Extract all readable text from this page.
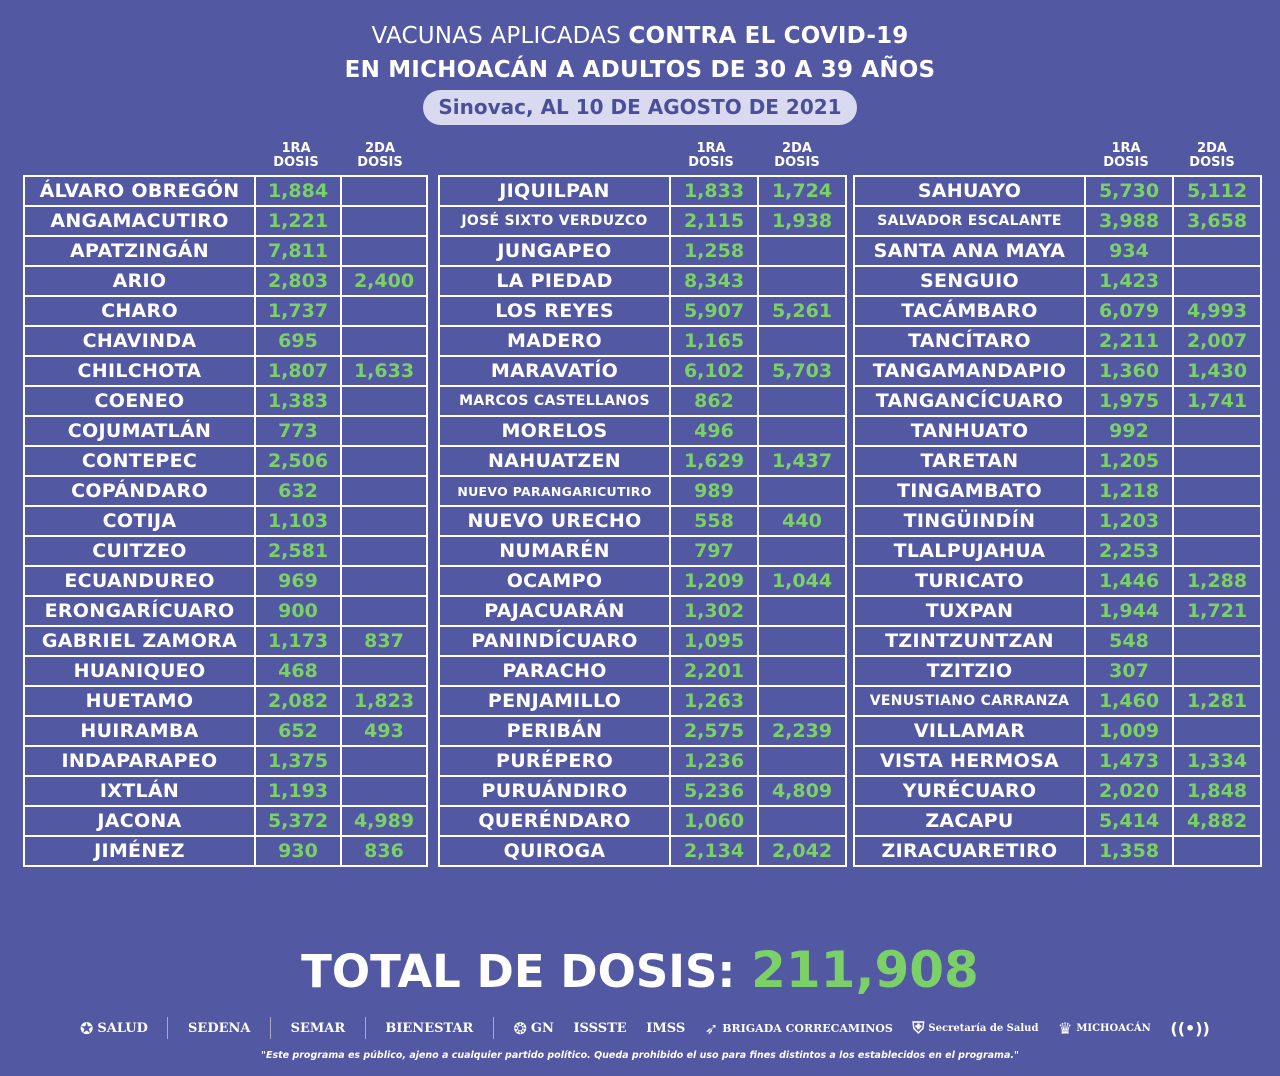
VACUNAS APLICADAS CONTRA EL COVID-19
EN MICHOACÁN A ADULTOS DE 30 A 39 AÑOS
Sinovac, AL 10 DE AGOSTO DE 2021
1RA
DOSIS
2DA
DOSIS
1RA
DOSIS
2DA
DOSIS
1RA
DOSIS
2DA
DOSIS
ÁLVARO OBREGÓN	1,884	
ANGAMACUTIRO	1,221	
APATZINGÁN	7,811	
ARIO	2,803	2,400
CHARO	1,737	
CHAVINDA	695	
CHILCHOTA	1,807	1,633
COENEO	1,383	
COJUMATLÁN	773	
CONTEPEC	2,506	
COPÁNDARO	632	
COTIJA	1,103	
CUITZEO	2,581	
ECUANDUREO	969	
ERONGARÍCUARO	900	
GABRIEL ZAMORA	1,173	837
HUANIQUEO	468	
HUETAMO	2,082	1,823
HUIRAMBA	652	493
INDAPARAPEO	1,375	
IXTLÁN	1,193	
JACONA	5,372	4,989
JIMÉNEZ	930	836
JIQUILPAN	1,833	1,724
JOSÉ SIXTO VERDUZCO	2,115	1,938
JUNGAPEO	1,258	
LA PIEDAD	8,343	
LOS REYES	5,907	5,261
MADERO	1,165	
MARAVATÍO	6,102	5,703
MARCOS CASTELLANOS	862	
MORELOS	496	
NAHUATZEN	1,629	1,437
NUEVO PARANGARICUTIRO	989	
NUEVO URECHO	558	440
NUMARÉN	797	
OCAMPO	1,209	1,044
PAJACUARÁN	1,302	
PANINDÍCUARO	1,095	
PARACHO	2,201	
PENJAMILLO	1,263	
PERIBÁN	2,575	2,239
PURÉPERO	1,236	
PURUÁNDIRO	5,236	4,809
QUERÉNDARO	1,060	
QUIROGA	2,134	2,042
SAHUAYO	5,730	5,112
SALVADOR ESCALANTE	3,988	3,658
SANTA ANA MAYA	934	
SENGUIO	1,423	
TACÁMBARO	6,079	4,993
TANCÍTARO	2,211	2,007
TANGAMANDAPIO	1,360	1,430
TANGANCÍCUARO	1,975	1,741
TANHUATO	992	
TARETAN	1,205	
TINGAMBATO	1,218	
TINGÜINDÍN	1,203	
TLALPUJAHUA	2,253	
TURICATO	1,446	1,288
TUXPAN	1,944	1,721
TZINTZUNTZAN	548	
TZITZIO	307	
VENUSTIANO CARRANZA	1,460	1,281
VILLAMAR	1,009	
VISTA HERMOSA	1,473	1,334
YURÉCUARO	2,020	1,848
ZACAPU	5,414	4,882
ZIRACUARETIRO	1,358	
TOTAL DE DOSIS: 211,908
✪ SALUD	SEDENA	SEMAR	BIENESTAR	❂ GN ISSSTE IMSS ➶ BRIGADA CORRECAMINOS ⛨ Secretaría de Salud ♛ MICHOACÁN ((•))
"Este programa es público, ajeno a cualquier partido político. Queda prohibido el uso para fines distintos a los establecidos en el programa."
